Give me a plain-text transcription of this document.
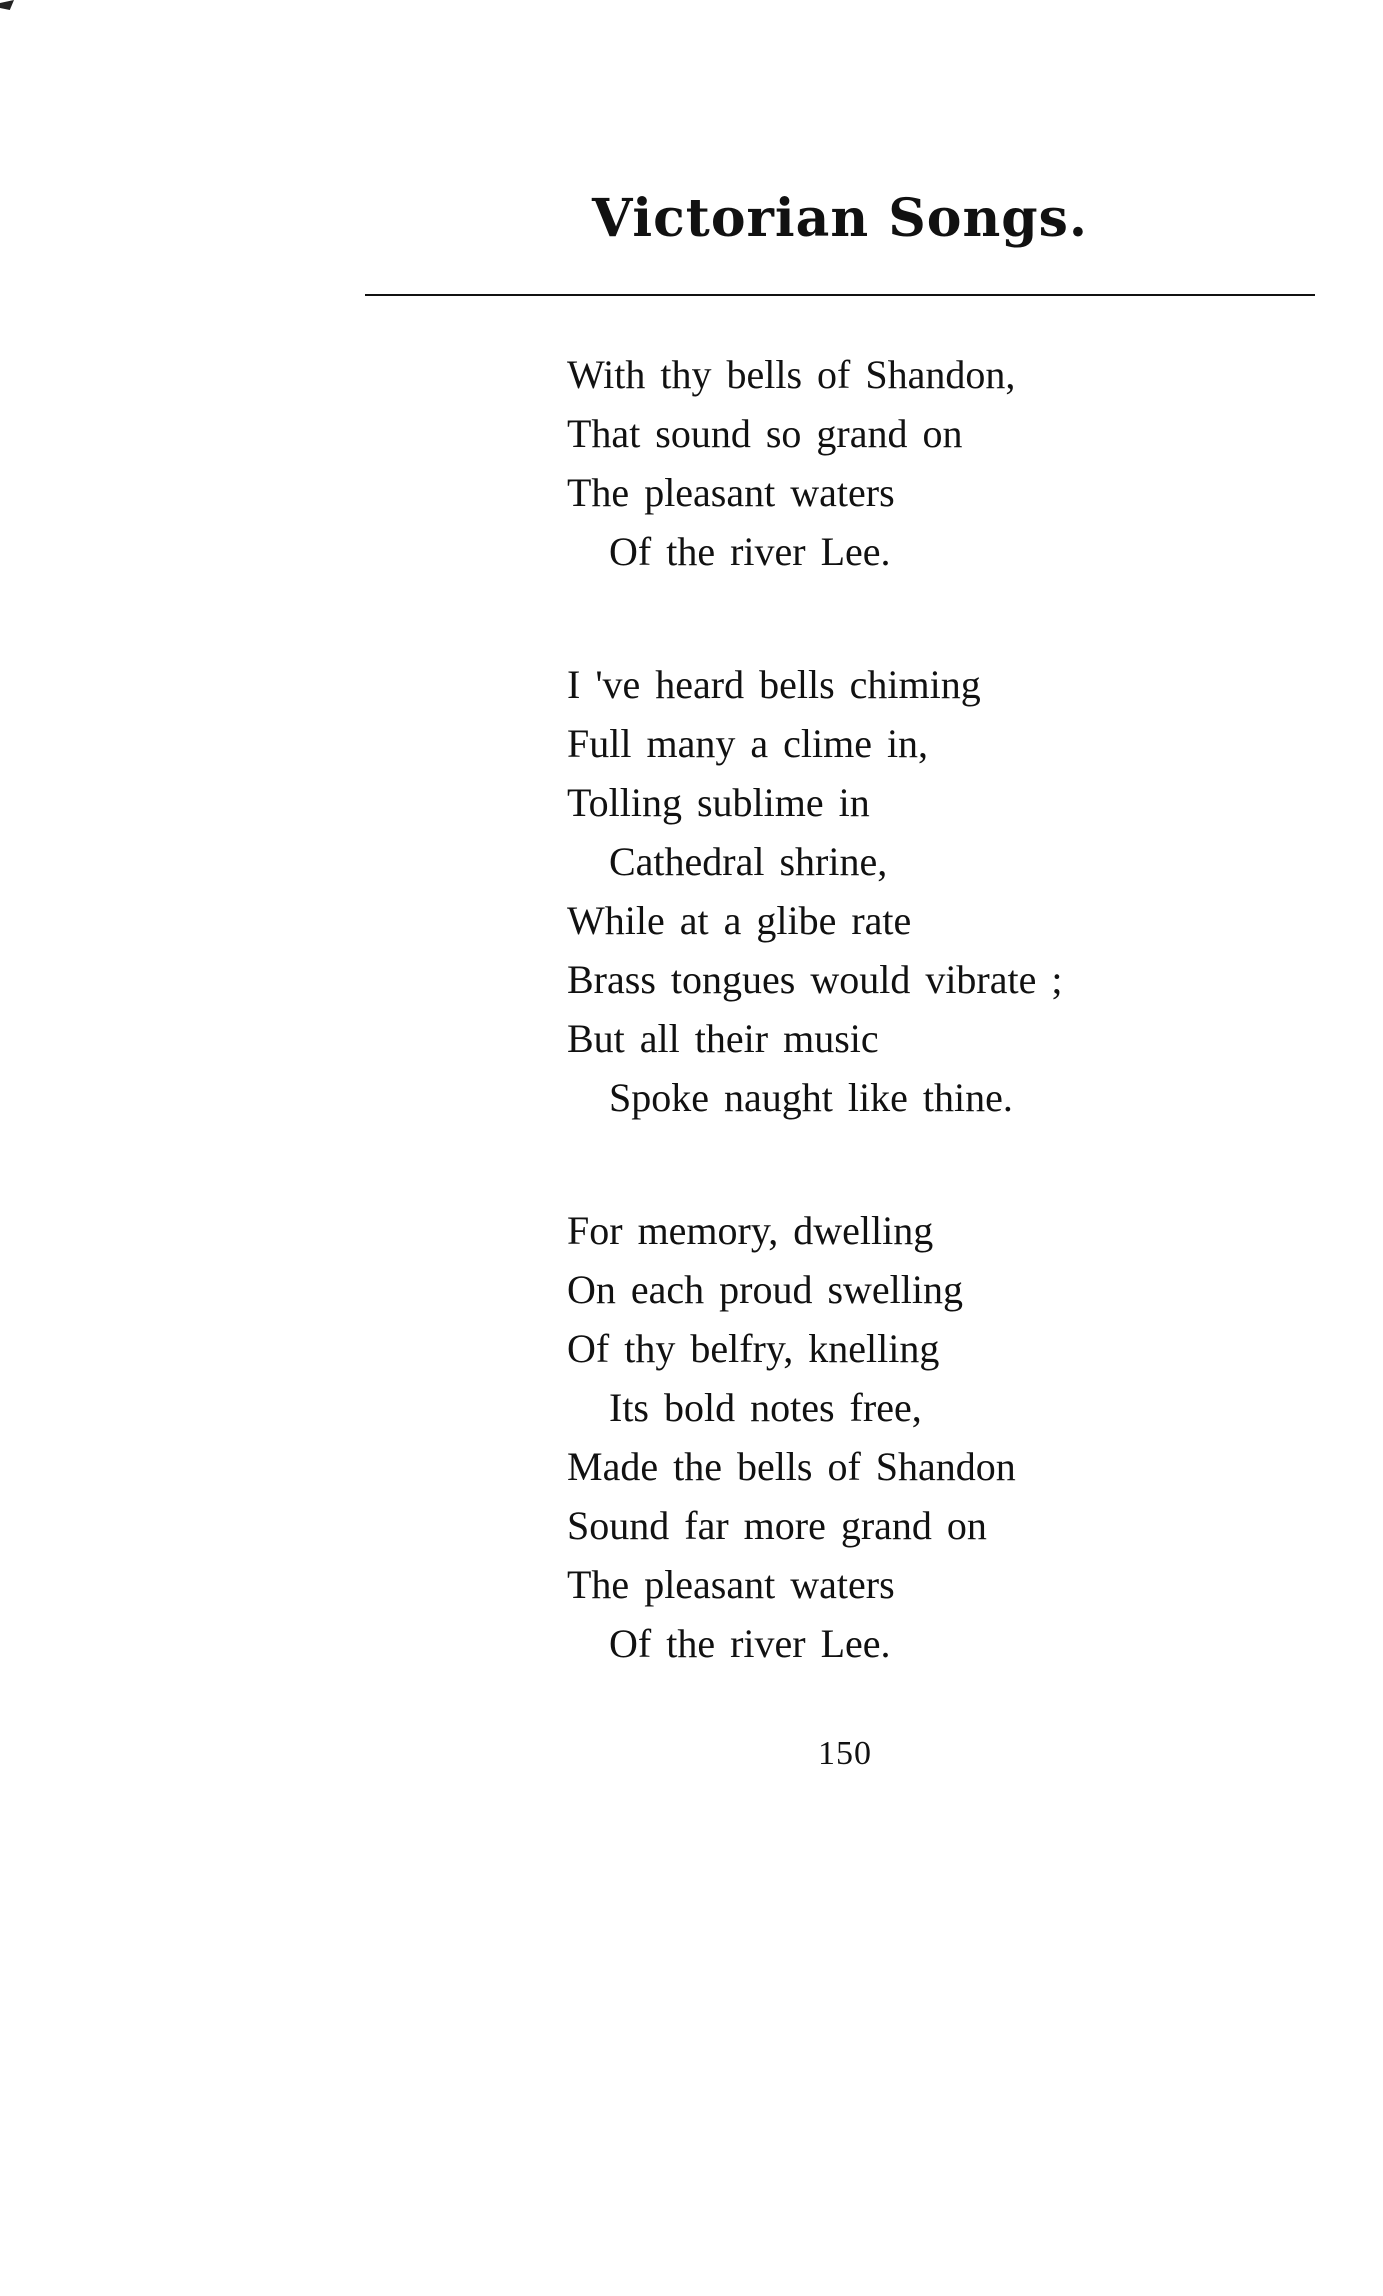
Victorian Songs.
With thy bells of Shandon,
That sound so grand on
The pleasant waters
Of the river Lee.
I 've heard bells chiming
Full many a clime in,
Tolling sublime in
Cathedral shrine,
While at a glibe rate
Brass tongues would vibrate ;
But all their music
Spoke naught like thine.
For memory, dwelling
On each proud swelling
Of thy belfry, knelling
Its bold notes free,
Made the bells of Shandon
Sound far more grand on
The pleasant waters
Of the river Lee.
150
